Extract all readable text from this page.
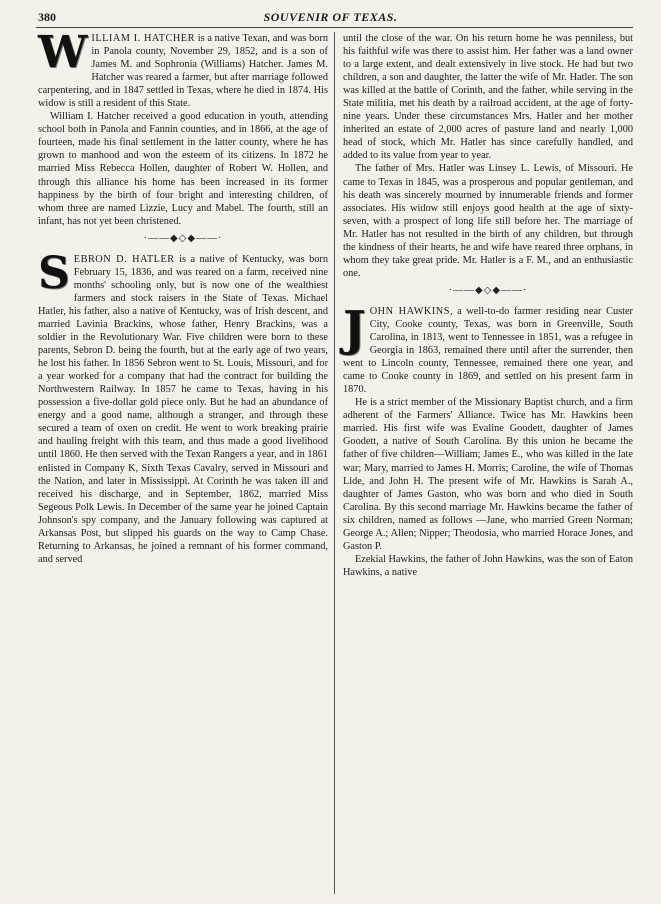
380	SOUVENIR OF TEXAS.

WILLIAM I. HATCHER is a native Texan, and was born in Panola county, November 29, 1852, and is a son of James M. and Sophronia (Williams) Hatcher. James M. Hatcher was reared a farmer, but after marriage followed carpentering, and in 1847 settled in Texas, where he died in 1874. His widow is still a resident of this State.

William I. Hatcher received a good education in youth, attending school both in Panola and Fannin counties, and in 1866, at the age of fourteen, made his final settlement in the latter county, where he has grown to manhood and won the esteem of its citizens. In 1872 he married Miss Rebecca Hollen, daughter of Robert W. Hollen, and through this alliance his home has been increased in its former happiness by the birth of four bright and interesting children, of whom three are named Lizzie, Lucy and Mabel. The fourth, still an infant, has not yet been christened.

·——◆◇◆——·

SEBRON D. HATLER is a native of Kentucky, was born February 15, 1836, and was reared on a farm, received nine months' schooling only, but is now one of the wealthiest farmers and stock raisers in the State of Texas. Michael Hatler, his father, also a native of Kentucky, was of Irish descent, and married Lavinia Brackins, whose father, Henry Brackins, was a soldier in the Revolutionary War. Five children were born to these parents, Sebron D. being the fourth, but at the early age of two years, he lost his father. In 1856 Sebron went to St. Louis, Missouri, and for a year worked for a company that had the contract for building the Northwestern Railway. In 1857 he came to Texas, having in his possession a five-dollar gold piece only. But he had an abundance of energy and a good name, although a stranger, and through these secured a team of oxen on credit. He went to work breaking prairie and hauling freight with this team, and thus made a good livelihood until 1860. He then served with the Texan Rangers a year, and in 1861 enlisted in Company K, Sixth Texas Cavalry, served in Missouri and the Nation, and later in Mississippi. At Corinth he was taken ill and received his discharge, and in September, 1862, married Miss Segeous Polk Lewis. In December of the same year he joined Captain Johnson's spy company, and the January following was captured at Arkansas Post, but slipped his guards on the way to Camp Chase. Returning to Arkansas, he joined a remnant of his former command, and served

until the close of the war. On his return home he was penniless, but his faithful wife was there to assist him. Her father was a land owner to a large extent, and dealt extensively in live stock. He had but two children, a son and daughter, the latter the wife of Mr. Hatler. The son was killed at the battle of Corinth, and the father, while serving in the State militia, met his death by a railroad accident, at the age of forty-nine years. Under these circumstances Mrs. Hatler and her mother inherited an estate of 2,000 acres of pasture land and nearly 1,000 head of stock, which Mr. Hatler has since carefully handled, and added to its value from year to year.

The father of Mrs. Hatler was Linsey L. Lewis, of Missouri. He came to Texas in 1845, was a prosperous and popular gentleman, and his death was sincerely mourned by innumerable friends and former associates. His widow still enjoys good health at the age of sixty-seven, with a prospect of long life still before her. The marriage of Mr. Hatler has not resulted in the birth of any children, but through the kindness of their hearts, he and wife have reared three orphans, in whom they take great pride. Mr. Hatler is a F. M., and an enthusiastic one.

·——◆◇◆——·

JOHN HAWKINS, a well-to-do farmer residing near Custer City, Cooke county, Texas, was born in Greenville, South Carolina, in 1813, went to Tennessee in 1851, was a refugee in Georgia in 1863, remained there until after the surrender, then went to Lincoln county, Tennessee, remained there one year, and came to Cooke county in 1869, and settled on his present farm in 1870.

He is a strict member of the Missionary Baptist church, and a firm adherent of the Farmers' Alliance. Twice has Mr. Hawkins been married. His first wife was Evaline Goodett, daughter of James Goodett, a native of South Carolina. By this union he became the father of five children—William; James E., who was killed in the late war; Mary, married to James H. Morris; Caroline, the wife of Thomas Lide, and John H. The present wife of Mr. Hawkins is Sarah A., daughter of James Gaston, who was born and who died in South Carolina. By this second marriage Mr. Hawkins became the father of six children, named as follows —Jane, who married Green Norman; George A.; Allen; Nipper; Theodosia, who married Horace Jones, and Gaston P.

Ezekial Hawkins, the father of John Hawkins, was the son of Eaton Hawkins, a native
